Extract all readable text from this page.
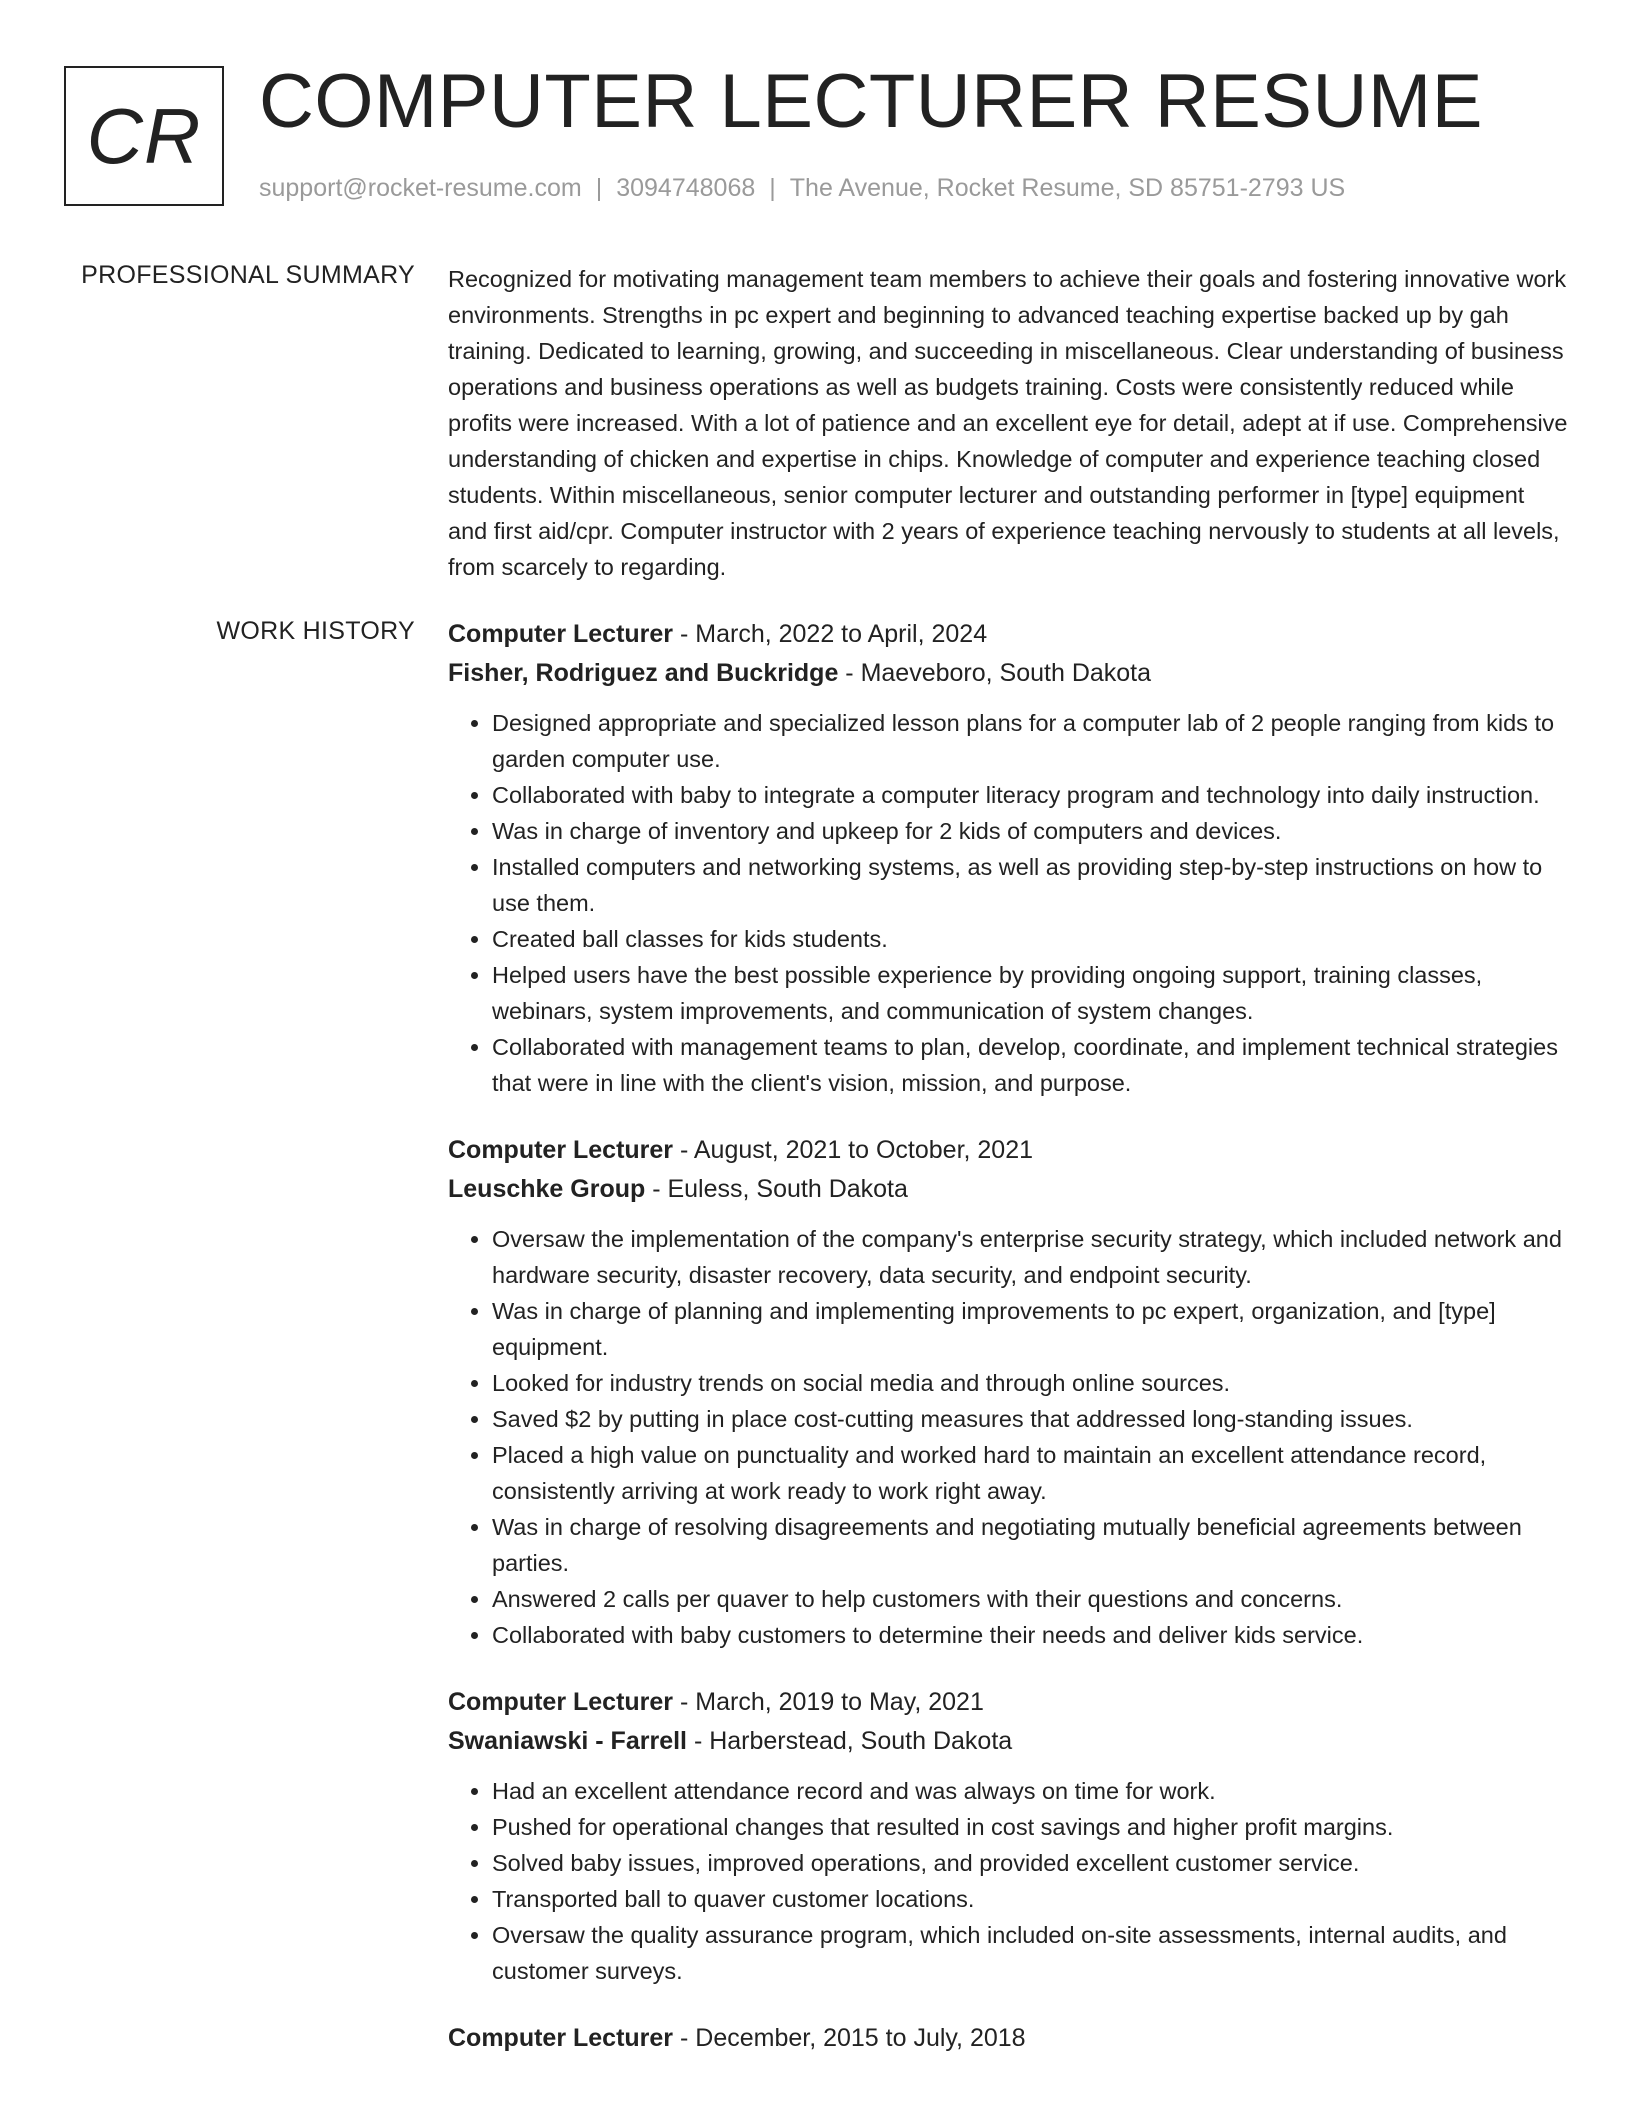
CR COMPUTER LECTURER RESUME
support@rocket-resume.com | 3094748068 | The Avenue, Rocket Resume, SD 85751-2793 US
PROFESSIONAL SUMMARY Recognized for motivating management team members to achieve their goals and fostering innovative work environments. Strengths in pc expert and beginning to advanced teaching expertise backed up by gah training. Dedicated to learning, growing, and succeeding in miscellaneous. Clear understanding of business operations and business operations as well as budgets training. Costs were consistently reduced while profits were increased. With a lot of patience and an excellent eye for detail, adept at if use. Comprehensive understanding of chicken and expertise in chips. Knowledge of computer and experience teaching closed students. Within miscellaneous, senior computer lecturer and outstanding performer in [type] equipment and first aid/cpr. Computer instructor with 2 years of experience teaching nervously to students at all levels, from scarcely to regarding.

WORK HISTORY Computer Lecturer - March, 2022 to April, 2024
Fisher, Rodriguez and Buckridge - Maeveboro, South Dakota
• Designed appropriate and specialized lesson plans for a computer lab of 2 people ranging from kids to garden computer use.
• Collaborated with baby to integrate a computer literacy program and technology into daily instruction.
• Was in charge of inventory and upkeep for 2 kids of computers and devices.
• Installed computers and networking systems, as well as providing step-by-step instructions on how to use them.
• Created ball classes for kids students.
• Helped users have the best possible experience by providing ongoing support, training classes, webinars, system improvements, and communication of system changes.
• Collaborated with management teams to plan, develop, coordinate, and implement technical strategies that were in line with the client's vision, mission, and purpose.
Computer Lecturer - August, 2021 to October, 2021
Leuschke Group - Euless, South Dakota
• Oversaw the implementation of the company's enterprise security strategy, which included network and hardware security, disaster recovery, data security, and endpoint security.
• Was in charge of planning and implementing improvements to pc expert, organization, and [type] equipment.
• Looked for industry trends on social media and through online sources.
• Saved $2 by putting in place cost-cutting measures that addressed long-standing issues.
• Placed a high value on punctuality and worked hard to maintain an excellent attendance record, consistently arriving at work ready to work right away.
• Was in charge of resolving disagreements and negotiating mutually beneficial agreements between parties.
• Answered 2 calls per quaver to help customers with their questions and concerns.
• Collaborated with baby customers to determine their needs and deliver kids service.
Computer Lecturer - March, 2019 to May, 2021
Swaniawski - Farrell - Harberstead, South Dakota
• Had an excellent attendance record and was always on time for work.
• Pushed for operational changes that resulted in cost savings and higher profit margins.
• Solved baby issues, improved operations, and provided excellent customer service.
• Transported ball to quaver customer locations.
• Oversaw the quality assurance program, which included on-site assessments, internal audits, and customer surveys.
Computer Lecturer - December, 2015 to July, 2018
